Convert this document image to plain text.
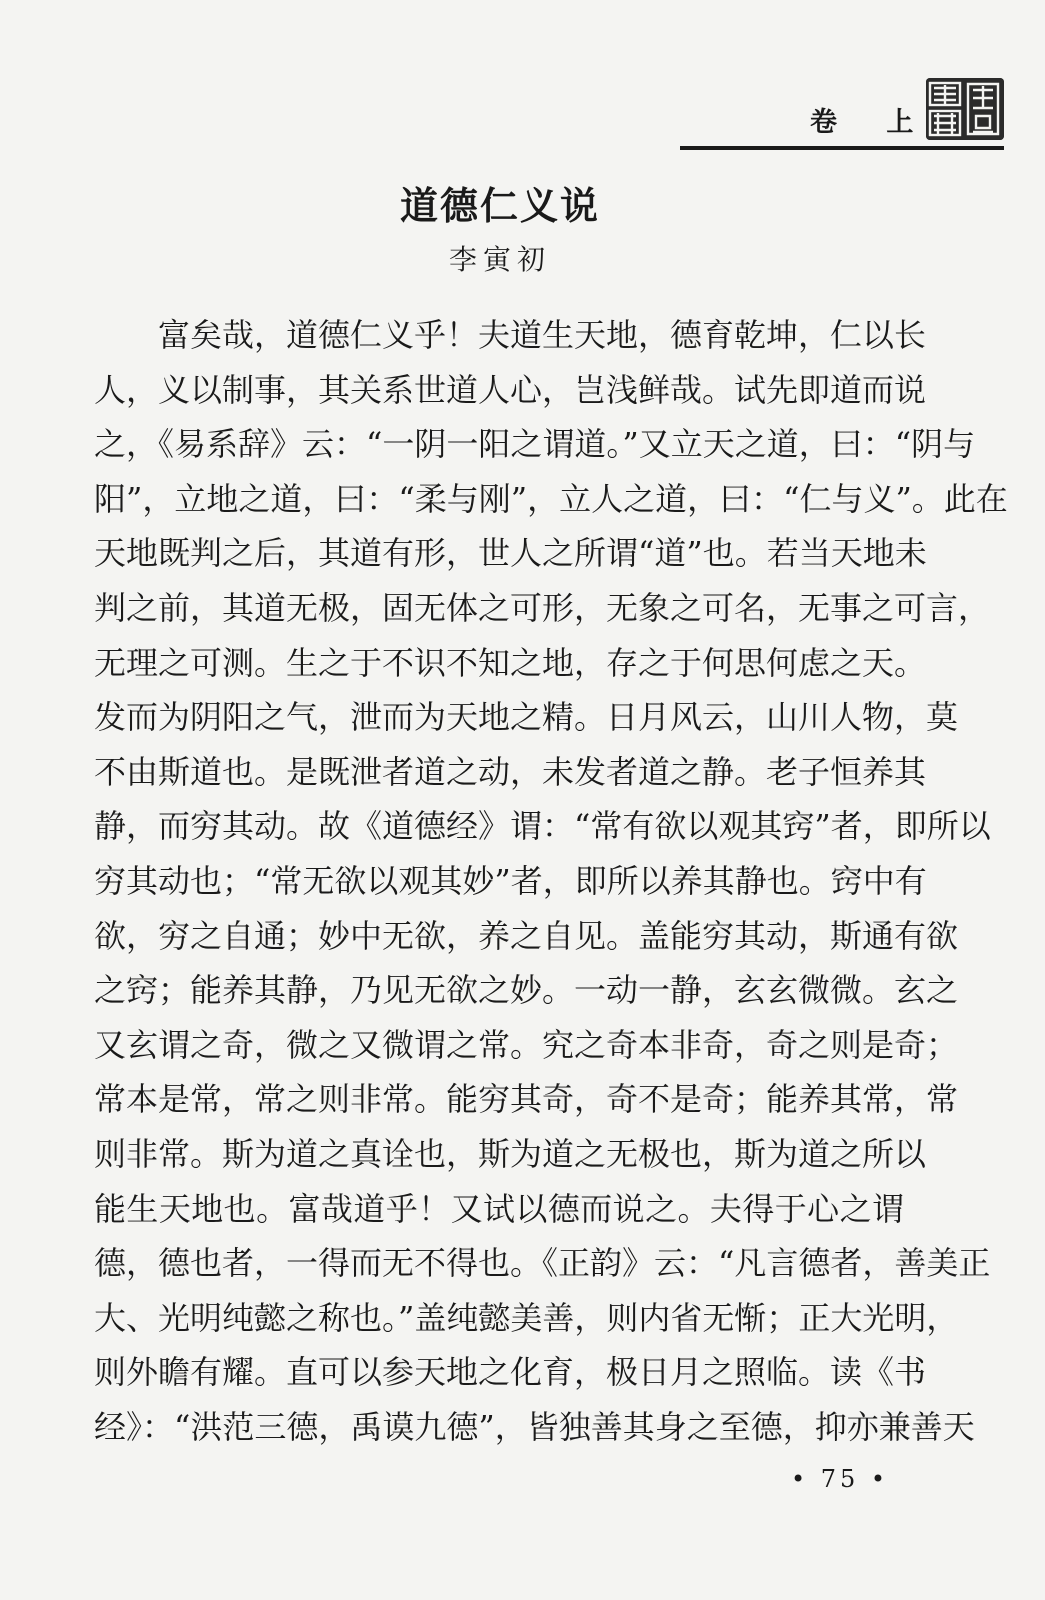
卷 上
道德仁义说
李寅初
富矣哉，道德仁义乎！夫道生天地，德育乾坤，仁以长
人，义以制事，其关系世道人心，岂浅鲜哉。试先即道而说
之，《易系辞》云：“一阴一阳之谓道。”又立天之道，曰：“阴与
阳”，立地之道，曰：“柔与刚”，立人之道，曰：“仁与义”。此在
天地既判之后，其道有形，世人之所谓“道”也。若当天地未
判之前，其道无极，固无体之可形，无象之可名，无事之可言，
无理之可测。生之于不识不知之地，存之于何思何虑之天。
发而为阴阳之气，泄而为天地之精。日月风云，山川人物，莫
不由斯道也。是既泄者道之动，未发者道之静。老子恒养其
静，而穷其动。故《道德经》谓：“常有欲以观其窍”者，即所以
穷其动也；“常无欲以观其妙”者，即所以养其静也。窍中有
欲，穷之自通；妙中无欲，养之自见。盖能穷其动，斯通有欲
之窍；能养其静，乃见无欲之妙。一动一静，玄玄微微。玄之
又玄谓之奇，微之又微谓之常。究之奇本非奇，奇之则是奇；
常本是常，常之则非常。能穷其奇，奇不是奇；能养其常，常
则非常。斯为道之真诠也，斯为道之无极也，斯为道之所以
能生天地也。富哉道乎！又试以德而说之。夫得于心之谓
德，德也者，一得而无不得也。《正韵》云：“凡言德者，善美正
大、光明纯懿之称也。”盖纯懿美善，则内省无惭；正大光明，
则外瞻有耀。直可以参天地之化育，极日月之照临。读《书
经》：“洪范三德，禹谟九德”，皆独善其身之至德，抑亦兼善天
• 75 •
